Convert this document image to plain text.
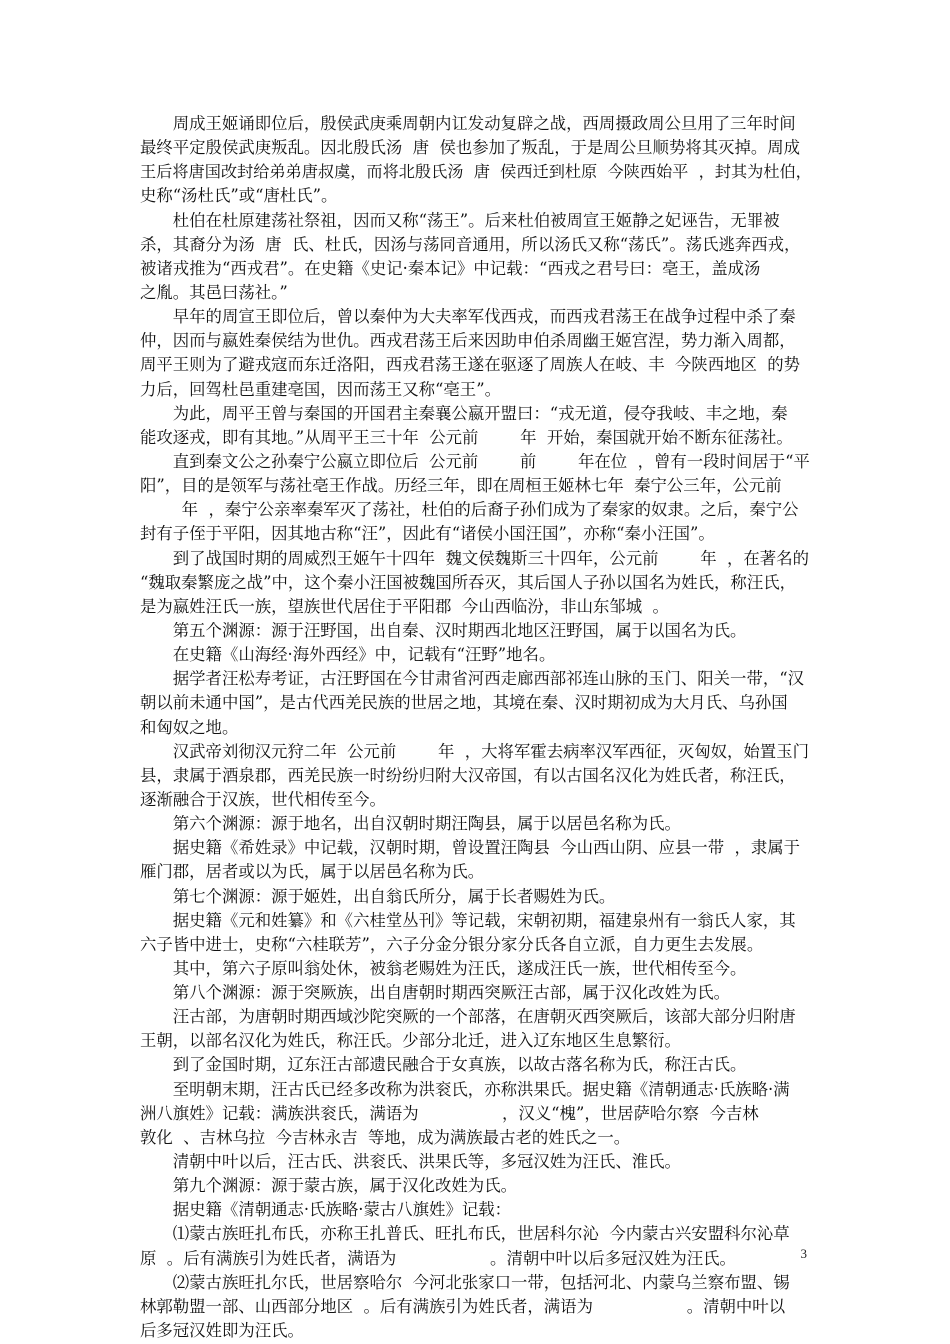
　　周成王姬诵即位后，殷侯武庚乘周朝内讧发动复辟之战，西周摄政周公旦用了三年时间
最终平定殷侯武庚叛乱。因北殷氏汤  唐  侯也参加了叛乱，于是周公旦顺势将其灭掉。周成
王后将唐国改封给弟弟唐叔虞，而将北殷氏汤  唐  侯西迁到杜原  今陕西始平  ，封其为杜伯，
史称“汤杜氏”或“唐杜氏”。
　　杜伯在杜原建荡社祭祖，因而又称“荡王”。后来杜伯被周宣王姬静之妃诬告，无罪被
杀，其裔分为汤  唐  氏、杜氏，因汤与荡同音通用，所以汤氏又称“荡氏”。荡氏逃奔西戎，
被诸戎推为“西戎君”。在史籍《史记·秦本记》中记载：“西戎之君号曰：亳王，盖成汤
之胤。其邑曰荡社。”
　　早年的周宣王即位后，曾以秦仲为大夫率军伐西戎，而西戎君荡王在战争过程中杀了秦
仲，因而与嬴姓秦侯结为世仇。西戎君荡王后来因助申伯杀周幽王姬宫涅，势力渐入周都，
周平王则为了避戎寇而东迁洛阳，西戎君荡王遂在驱逐了周族人在岐、丰  今陕西地区  的势
力后，回驾杜邑重建亳国，因而荡王又称“亳王”。
　　为此，周平王曾与秦国的开国君主秦襄公嬴开盟曰：“戎无道，侵夺我岐、丰之地，秦
能攻逐戎，即有其地。”从周平王三十年  公元前        年  开始，秦国就开始不断东征荡社。
　　直到秦文公之孙秦宁公嬴立即位后  公元前        前        年在位  ，曾有一段时间居于“平
阳”，目的是领军与荡社亳王作战。历经三年，即在周桓王姬林七年  秦宁公三年，公元前
年  ，秦宁公亲率秦军灭了荡社，杜伯的后裔子孙们成为了秦家的奴隶。之后，秦宁公
封有子侄于平阳，因其地古称“汪”，因此有“诸侯小国汪国”，亦称“秦小汪国”。
　　到了战国时期的周威烈王姬午十四年  魏文侯魏斯三十四年，公元前        年  ，在著名的
“魏取秦繁庞之战”中，这个秦小汪国被魏国所吞灭，其后国人子孙以国名为姓氏，称汪氏，
是为嬴姓汪氏一族，望族世代居住于平阳郡  今山西临汾，非山东邹城  。
　　第五个渊源：源于汪野国，出自秦、汉时期西北地区汪野国，属于以国名为氏。
　　在史籍《山海经·海外西经》中，记载有“汪野”地名。
　　据学者汪松寿考证，古汪野国在今甘肃省河西走廊西部祁连山脉的玉门、阳关一带，“汉
朝以前未通中国”，是古代西羌民族的世居之地，其境在秦、汉时期初成为大月氏、乌孙国
和匈奴之地。
　　汉武帝刘彻汉元狩二年  公元前        年  ，大将军霍去病率汉军西征，灭匈奴，始置玉门
县，隶属于酒泉郡，西羌民族一时纷纷归附大汉帝国，有以古国名汉化为姓氏者，称汪氏，
逐渐融合于汉族，世代相传至今。
　　第六个渊源：源于地名，出自汉朝时期汪陶县，属于以居邑名称为氏。
　　据史籍《希姓录》中记载，汉朝时期，曾设置汪陶县  今山西山阴、应县一带  ，隶属于
雁门郡，居者或以为氏，属于以居邑名称为氏。
　　第七个渊源：源于姬姓，出自翁氏所分，属于长者赐姓为氏。
　　据史籍《元和姓纂》和《六桂堂丛刊》等记载，宋朝初期，福建泉州有一翁氏人家，其
六子皆中进士，史称“六桂联芳”，六子分金分银分家分氏各自立派，自力更生去发展。
　　其中，第六子原叫翁处休，被翁老赐姓为汪氏，遂成汪氏一族，世代相传至今。
　　第八个渊源：源于突厥族，出自唐朝时期西突厥汪古部，属于汉化改姓为氏。
　　汪古部，为唐朝时期西域沙陀突厥的一个部落，在唐朝灭西突厥后，该部大部分归附唐
王朝，以部名汉化为姓氏，称汪氏。少部分北迁，进入辽东地区生息繁衍。
　　到了金国时期，辽东汪古部遗民融合于女真族，以故古落名称为氏，称汪古氏。
　　至明朝末期，汪古氏已经多改称为洪衮氏，亦称洪果氏。据史籍《清朝通志·氏族略·满
洲八旗姓》记载：满族洪衮氏，满语为                ，汉义“槐”，世居萨哈尔察  今吉林
敦化  、吉林乌拉  今吉林永吉  等地，成为满族最古老的姓氏之一。
　　清朝中叶以后，汪古氏、洪衮氏、洪果氏等，多冠汉姓为汪氏、淮氏。
　　第九个渊源：源于蒙古族，属于汉化改姓为氏。
　　据史籍《清朝通志·氏族略·蒙古八旗姓》记载：
　　⑴蒙古族旺扎布氏，亦称王扎普氏、旺扎布氏，世居科尔沁  今内蒙古兴安盟科尔沁草
原  。后有满族引为姓氏者，满语为                  。清朝中叶以后多冠汉姓为汪氏。
　　⑵蒙古族旺扎尔氏，世居察哈尔  今河北张家口一带，包括河北、内蒙乌兰察布盟、锡
林郭勒盟一部、山西部分地区  。后有满族引为姓氏者，满语为                  。清朝中叶以
后多冠汉姓即为汪氏。
3
